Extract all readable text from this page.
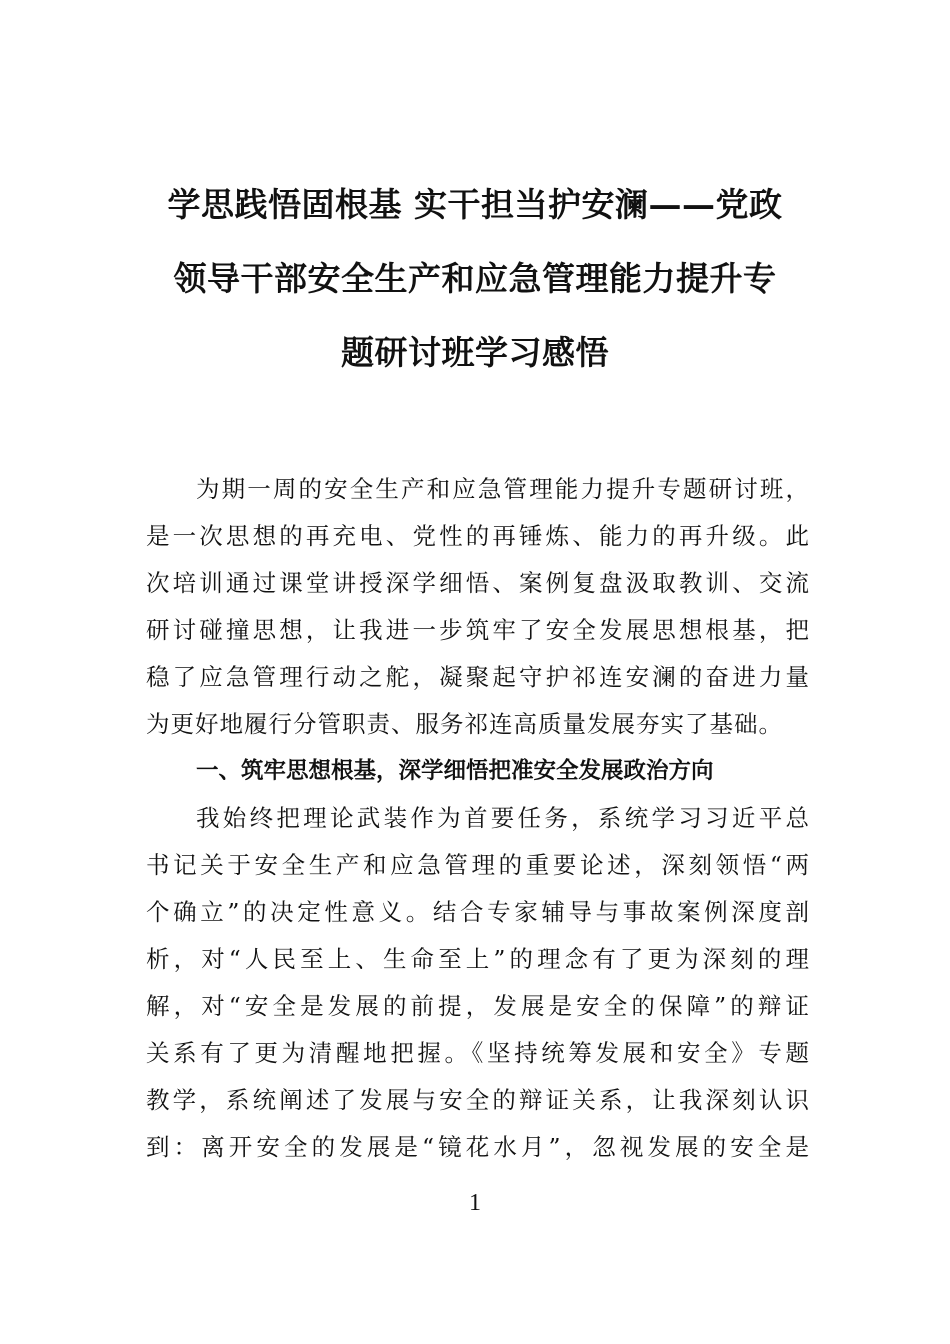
学思践悟固根基 实干担当护安澜——党政
领导干部安全生产和应急管理能力提升专
题研讨班学习感悟
为期一周的安全生产和应急管理能力提升专题研讨班，
是一次思想的再充电、党性的再锤炼、能力的再升级。此
次培训通过课堂讲授深学细悟、案例复盘汲取教训、交流
研讨碰撞思想，让我进一步筑牢了安全发展思想根基，把
稳了应急管理行动之舵，凝聚起守护祁连安澜的奋进力量
为更好地履行分管职责、服务祁连高质量发展夯实了基础。
一、筑牢思想根基，深学细悟把准安全发展政治方向
我始终把理论武装作为首要任务，系统学习习近平总
书记关于安全生产和应急管理的重要论述，深刻领悟“两
个确立”的决定性意义。结合专家辅导与事故案例深度剖
析，对“人民至上、生命至上”的理念有了更为深刻的理
解，对“安全是发展的前提，发展是安全的保障”的辩证
关系有了更为清醒地把握。《坚持统筹发展和安全》专题
教学，系统阐述了发展与安全的辩证关系，让我深刻认识
到：离开安全的发展是“镜花水月”，忽视发展的安全是
1
